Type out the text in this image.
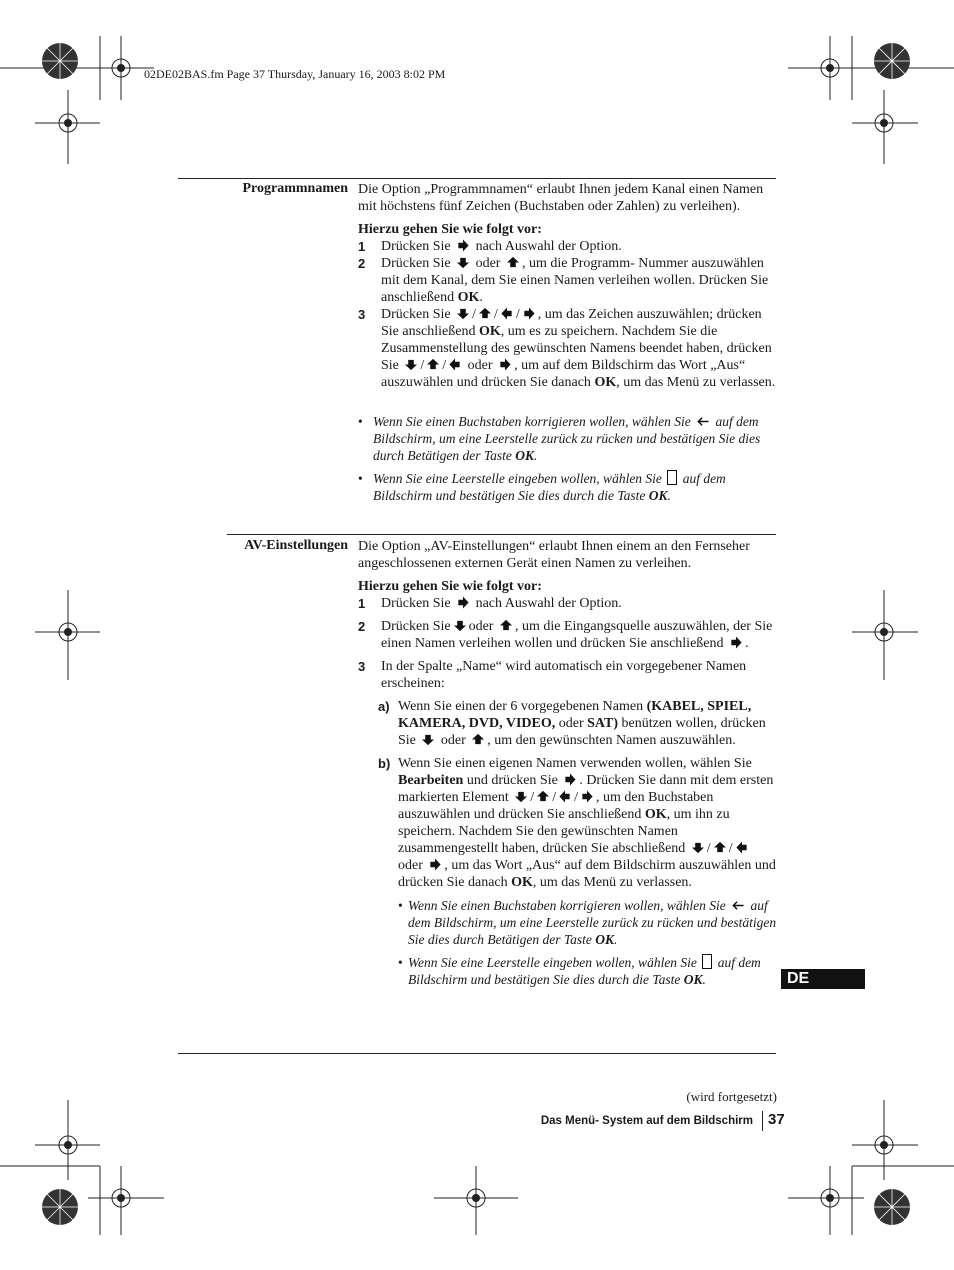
02DE02BAS.fm Page 37 Thursday, January 16, 2003 8:02 PM
Programmnamen Die Option „Programmnamen“ erlaubt Ihnen jedem Kanal einen Namen mit höchstens fünf Zeichen (Buchstaben oder Zahlen) zu verleihen).

Hierzu gehen Sie wie folgt vor:

1 Drücken Sie nach Auswahl der Option.
2 Drücken Sie oder , um die Programm- Nummer auszuwählen mit dem Kanal, dem Sie einen Namen verleihen wollen. Drücken Sie anschließend OK.
3 Drücken Sie / / / , um das Zeichen auszuwählen; drücken Sie anschließend OK, um es zu speichern. Nachdem Sie die Zusammenstellung des gewünschten Namens beendet haben, drücken Sie / / oder , um auf dem Bildschirm das Wort „Aus“ auszuwählen und drücken Sie danach OK, um das Menü zu verlassen.

• Wenn Sie einen Buchstaben korrigieren wollen, wählen Sie auf dem Bildschirm, um eine Leerstelle zurück zu rücken und bestätigen Sie dies durch Betätigen der Taste OK.

• Wenn Sie eine Leerstelle eingeben wollen, wählen Sie auf dem Bildschirm und bestätigen Sie dies durch die Taste OK.

AV-Einstellungen Die Option „AV-Einstellungen“ erlaubt Ihnen einem an den Fernseher angeschlossenen externen Gerät einen Namen zu verleihen.

Hierzu gehen Sie wie folgt vor:

1 Drücken Sie nach Auswahl der Option.
2 Drücken Sie oder , um die Eingangsquelle auszuwählen, der Sie einen Namen verleihen wollen und drücken Sie anschließend .
3 In der Spalte „Name“ wird automatisch ein vorgegebener Namen erscheinen:
a) Wenn Sie einen der 6 vorgegebenen Namen (KABEL, SPIEL, KAMERA, DVD, VIDEO, oder SAT) benützen wollen, drücken Sie oder , um den gewünschten Namen auszuwählen.
b) Wenn Sie einen eigenen Namen verwenden wollen, wählen Sie Bearbeiten und drücken Sie . Drücken Sie dann mit dem ersten markierten Element / / / , um den Buchstaben auszuwählen und drücken Sie anschließend OK, um ihn zu speichern. Nachdem Sie den gewünschten Namen zusammengestellt haben, drücken Sie abschließend / / oder , um das Wort „Aus“ auf dem Bildschirm auszuwählen und drücken Sie danach OK, um das Menü zu verlassen.

• Wenn Sie einen Buchstaben korrigieren wollen, wählen Sie auf dem Bildschirm, um eine Leerstelle zurück zu rücken und bestätigen Sie dies durch Betätigen der Taste OK.

• Wenn Sie eine Leerstelle eingeben wollen, wählen Sie auf dem Bildschirm und bestätigen Sie dies durch die Taste OK.	DE
(wird fortgesetzt)
Das Menü- System auf dem Bildschirm	37
